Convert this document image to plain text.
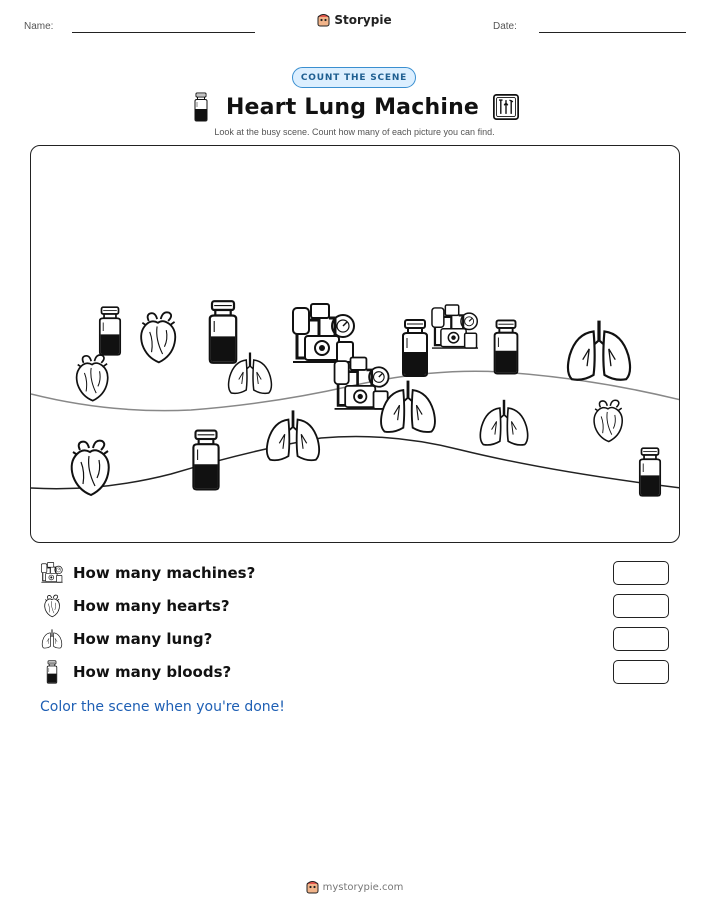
Name:	Storypie	Date:
COUNT THE SCENE
Heart Lung Machine
Look at the busy scene. Count how many of each picture you can find.
How many machines?
How many hearts?
How many lung?
How many bloods?
Color the scene when you're done!
mystorypie.com
